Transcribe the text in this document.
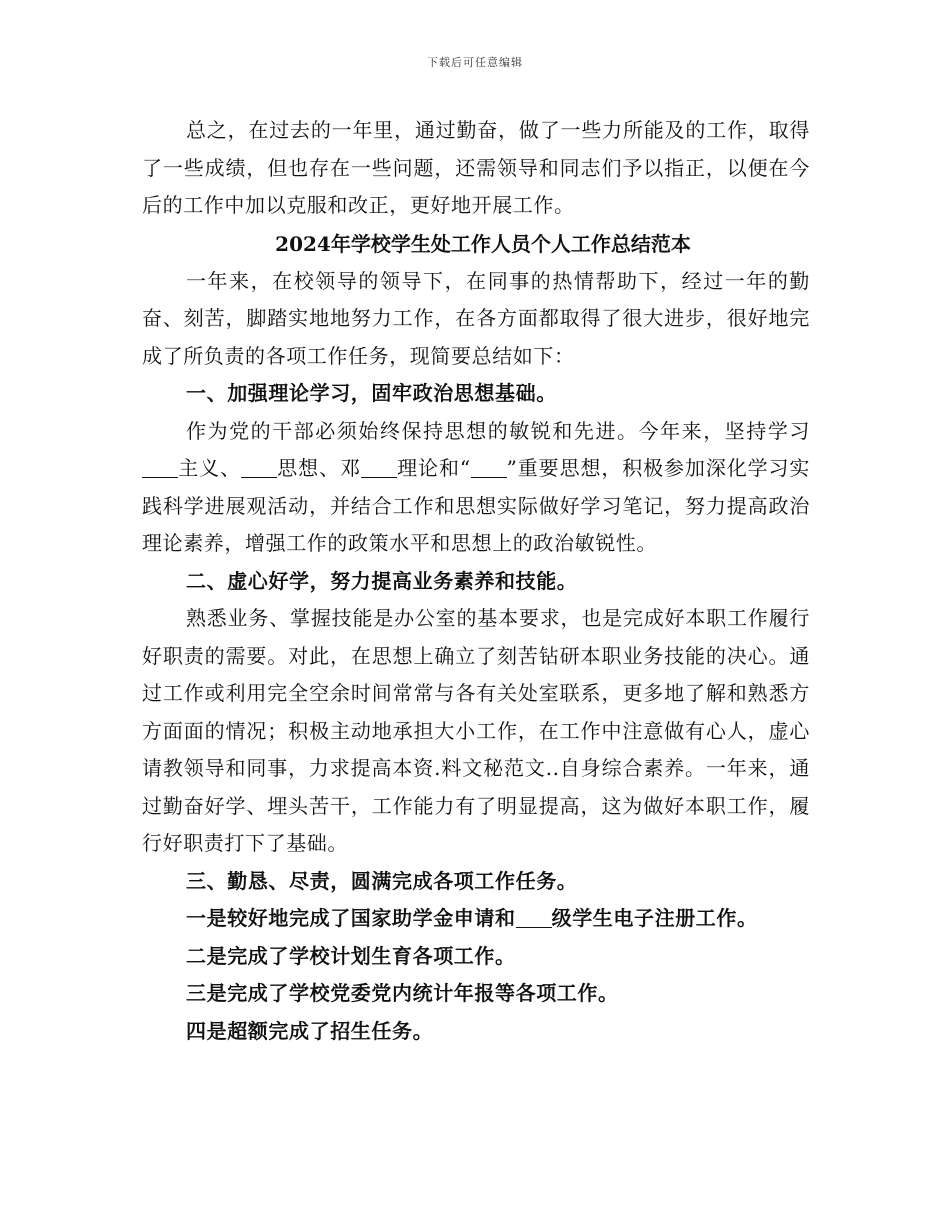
下载后可任意编辑

总之，在过去的一年里，通过勤奋，做了一些力所能及的工作，取得了一些成绩，但也存在一些问题，还需领导和同志们予以指正，以便在今后的工作中加以克服和改正，更好地开展工作。

2024年学校学生处工作人员个人工作总结范本

一年来，在校领导的领导下，在同事的热情帮助下，经过一年的勤奋、刻苦，脚踏实地地努力工作，在各方面都取得了很大进步，很好地完成了所负责的各项工作任务，现简要总结如下：

一、加强理论学习，固牢政治思想基础。

作为党的干部必须始终保持思想的敏锐和先进。今年来，坚持学习主义、 思想、邓 理论和“ ”重要思想，积极参加深化学习实践科学进展观活动，并结合工作和思想实际做好学习笔记，努力提高政治理论素养，增强工作的政策水平和思想上的政治敏锐性。

二、虚心好学，努力提高业务素养和技能。

熟悉业务、掌握技能是办公室的基本要求，也是完成好本职工作履行好职责的需要。对此，在思想上确立了刻苦钻研本职业务技能的决心。通过工作或利用完全空余时间常常与各有关处室联系，更多地了解和熟悉方方面面的情况；积极主动地承担大小工作，在工作中注意做有心人，虚心请教领导和同事，力求提高本资.料文秘范文..自身综合素养。一年来，通过勤奋好学、埋头苦干，工作能力有了明显提高，这为做好本职工作，履行好职责打下了基础。

三、勤恳、尽责，圆满完成各项工作任务。

一是较好地完成了国家助学金申请和 级学生电子注册工作。

二是完成了学校计划生育各项工作。

三是完成了学校党委党内统计年报等各项工作。

四是超额完成了招生任务。
